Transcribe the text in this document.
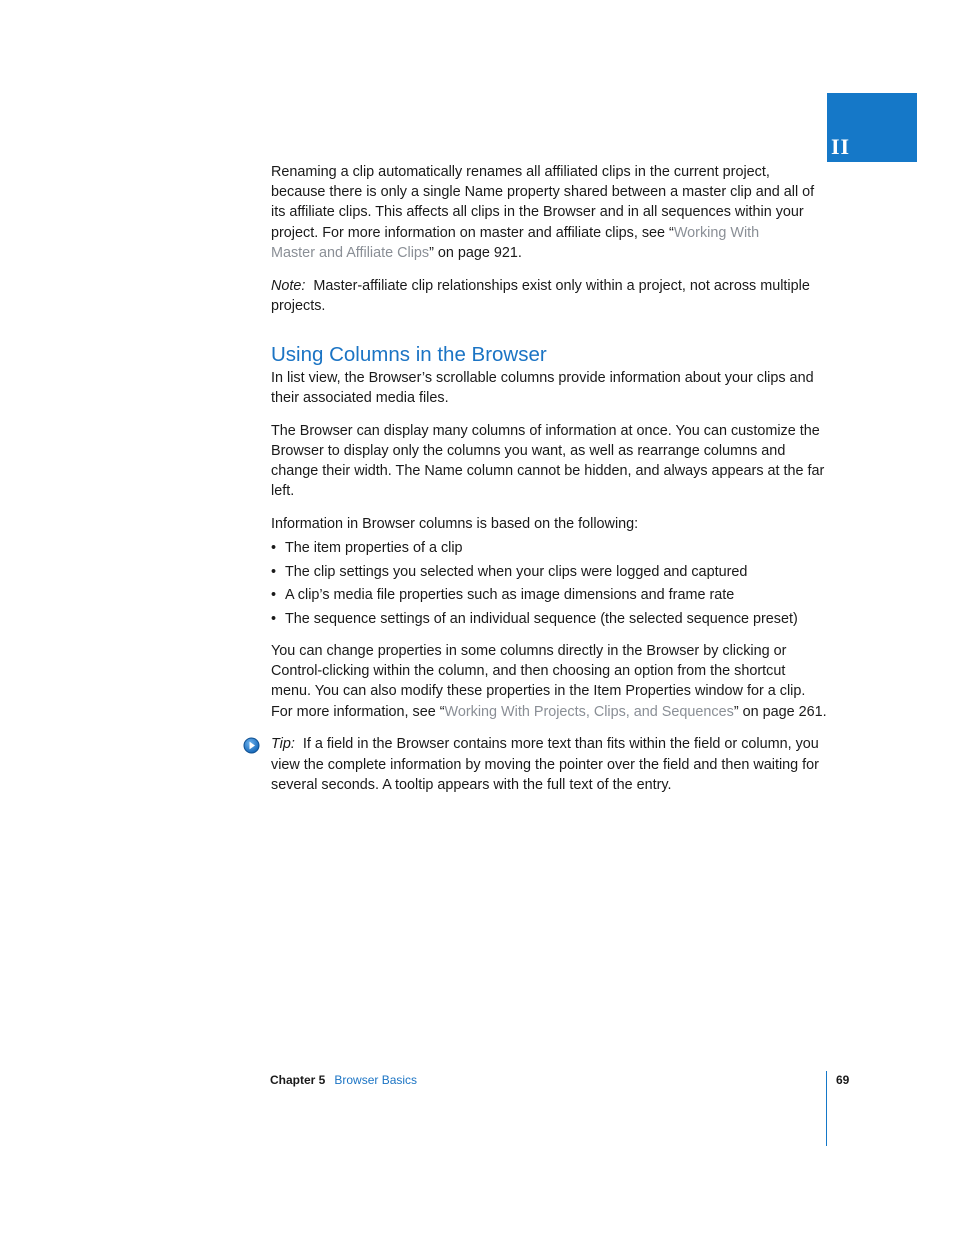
II

Renaming a clip automatically renames all affiliated clips in the current project, because there is only a single Name property shared between a master clip and all of its affiliate clips. This affects all clips in the Browser and in all sequences within your project. For more information on master and affiliate clips, see “Working With
Master and Affiliate Clips” on page 921.

Note: Master-affiliate clip relationships exist only within a project, not across multiple projects.

Using Columns in the Browser

In list view, the Browser’s scrollable columns provide information about your clips and their associated media files.

The Browser can display many columns of information at once. You can customize the Browser to display only the columns you want, as well as rearrange columns and change their width. The Name column cannot be hidden, and always appears at the far left.

Information in Browser columns is based on the following:

• The item properties of a clip
• The clip settings you selected when your clips were logged and captured
• A clip’s media file properties such as image dimensions and frame rate
• The sequence settings of an individual sequence (the selected sequence preset)

You can change properties in some columns directly in the Browser by clicking or Control-clicking within the column, and then choosing an option from the shortcut menu. You can also modify these properties in the Item Properties window for a clip. For more information, see “Working With Projects, Clips, and Sequences” on page 261.

Tip: If a field in the Browser contains more text than fits within the field or column, you view the complete information by moving the pointer over the field and then waiting for several seconds. A tooltip appears with the full text of the entry.

Chapter 5 Browser Basics	69
